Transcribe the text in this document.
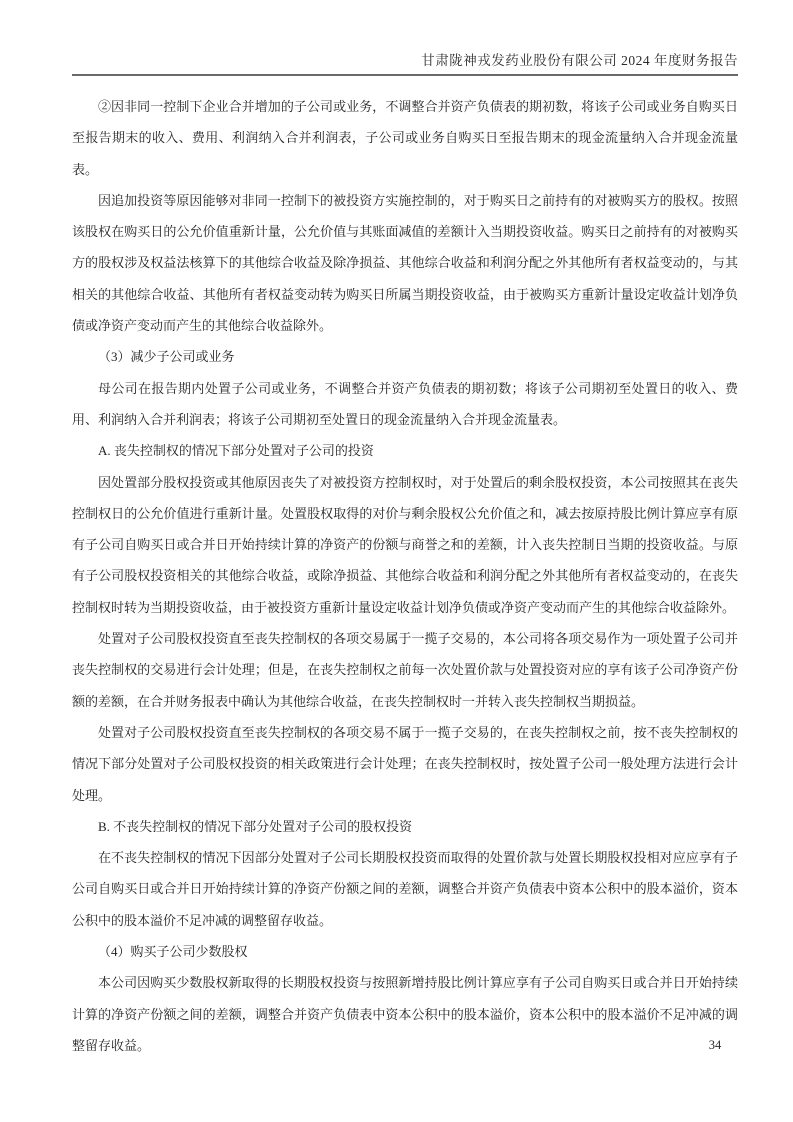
甘肃陇神戎发药业股份有限公司 2024 年度财务报告

②因非同一控制下企业合并增加的子公司或业务，不调整合并资产负债表的期初数，将该子公司或业务自购买日至报告期末的收入、费用、利润纳入合并利润表，子公司或业务自购买日至报告期末的现金流量纳入合并现金流量表。

因追加投资等原因能够对非同一控制下的被投资方实施控制的，对于购买日之前持有的对被购买方的股权。按照该股权在购买日的公允价值重新计量，公允价值与其账面减值的差额计入当期投资收益。购买日之前持有的对被购买方的股权涉及权益法核算下的其他综合收益及除净损益、其他综合收益和利润分配之外其他所有者权益变动的，与其相关的其他综合收益、其他所有者权益变动转为购买日所属当期投资收益，由于被购买方重新计量设定收益计划净负债或净资产变动而产生的其他综合收益除外。

（3）减少子公司或业务

母公司在报告期内处置子公司或业务，不调整合并资产负债表的期初数；将该子公司期初至处置日的收入、费用、利润纳入合并利润表；将该子公司期初至处置日的现金流量纳入合并现金流量表。

A. 丧失控制权的情况下部分处置对子公司的投资

因处置部分股权投资或其他原因丧失了对被投资方控制权时，对于处置后的剩余股权投资，本公司按照其在丧失控制权日的公允价值进行重新计量。处置股权取得的对价与剩余股权公允价值之和，减去按原持股比例计算应享有原有子公司自购买日或合并日开始持续计算的净资产的份额与商誉之和的差额，计入丧失控制日当期的投资收益。与原有子公司股权投资相关的其他综合收益，或除净损益、其他综合收益和利润分配之外其他所有者权益变动的，在丧失控制权时转为当期投资收益，由于被投资方重新计量设定收益计划净负债或净资产变动而产生的其他综合收益除外。

处置对子公司股权投资直至丧失控制权的各项交易属于一揽子交易的，本公司将各项交易作为一项处置子公司并丧失控制权的交易进行会计处理；但是，在丧失控制权之前每一次处置价款与处置投资对应的享有该子公司净资产份额的差额，在合并财务报表中确认为其他综合收益，在丧失控制权时一并转入丧失控制权当期损益。

处置对子公司股权投资直至丧失控制权的各项交易不属于一揽子交易的，在丧失控制权之前，按不丧失控制权的情况下部分处置对子公司股权投资的相关政策进行会计处理；在丧失控制权时，按处置子公司一般处理方法进行会计处理。

B. 不丧失控制权的情况下部分处置对子公司的股权投资

在不丧失控制权的情况下因部分处置对子公司长期股权投资而取得的处置价款与处置长期股权投相对应应享有子公司自购买日或合并日开始持续计算的净资产份额之间的差额，调整合并资产负债表中资本公积中的股本溢价，资本公积中的股本溢价不足冲减的调整留存收益。

（4）购买子公司少数股权

本公司因购买少数股权新取得的长期股权投资与按照新增持股比例计算应享有子公司自购买日或合并日开始持续计算的净资产份额之间的差额，调整合并资产负债表中资本公积中的股本溢价，资本公积中的股本溢价不足冲减的调整留存收益。	34
